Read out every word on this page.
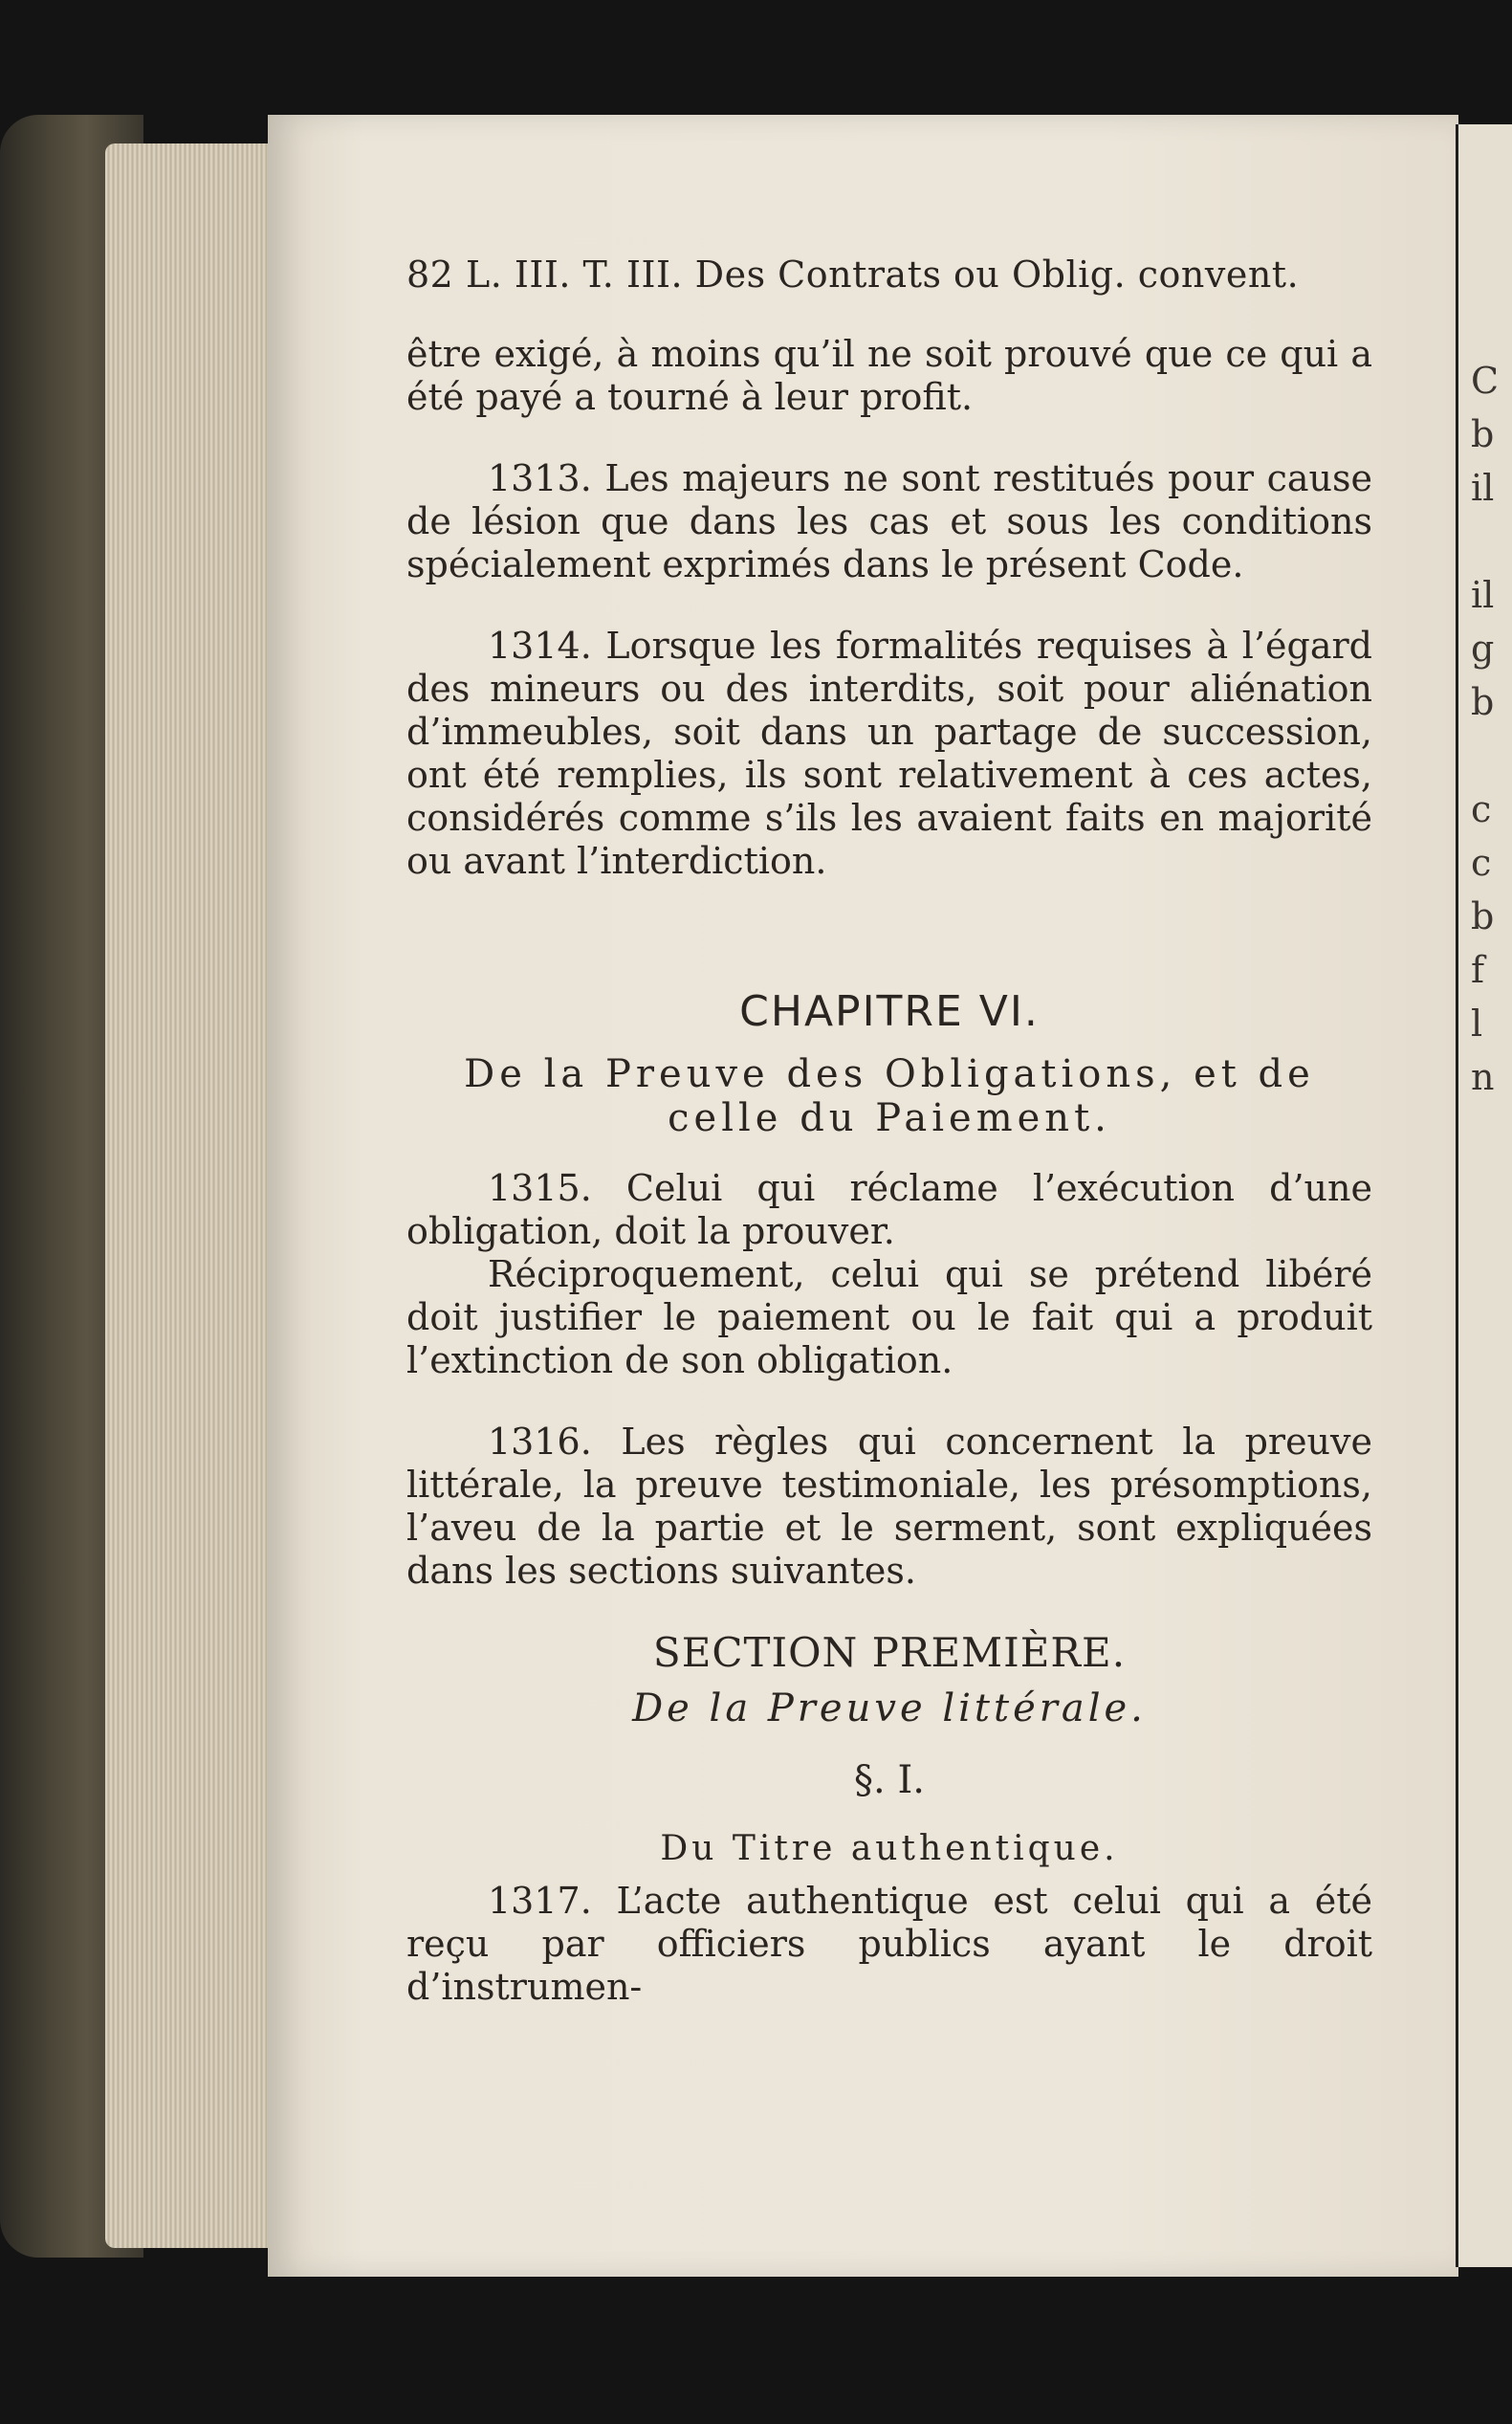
C
b
il

il
g
b

c
c
b
f
l
n
82 L. III. T. III. Des Contrats ou Oblig. convent.

être exigé, à moins qu’il ne soit prouvé que ce qui a été payé a tourné à leur profit.

1313. Les majeurs ne sont restitués pour cause de lésion que dans les cas et sous les conditions spécialement exprimés dans le présent Code.

1314. Lorsque les formalités requises à l’égard des mineurs ou des interdits, soit pour aliénation d’immeubles, soit dans un partage de succession, ont été remplies, ils sont relativement à ces actes, considérés comme s’ils les avaient faits en majorité ou avant l’interdiction.

CHAPITRE VI.
De la Preuve des Obligations, et de celle du Paiement.

1315. Celui qui réclame l’exécution d’une obligation, doit la prouver.

Réciproquement, celui qui se prétend libéré doit justifier le paiement ou le fait qui a produit l’extinction de son obligation.

1316. Les règles qui concernent la preuve littérale, la preuve testimoniale, les présomptions, l’aveu de la partie et le serment, sont expliquées dans les sections suivantes.

SECTION PREMIÈRE.
De la Preuve littérale.
§. I.
Du Titre authentique.

1317. L’acte authentique est celui qui a été reçu par officiers publics ayant le droit d’instrumen-
